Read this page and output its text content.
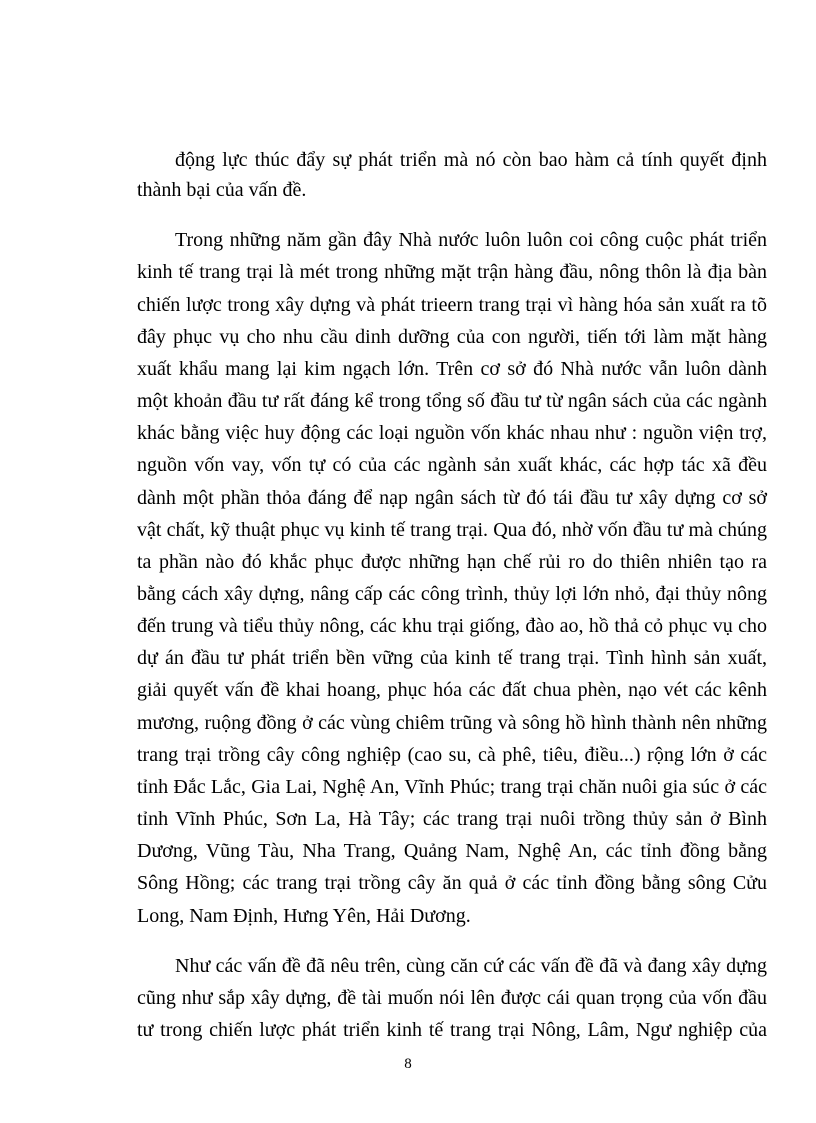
động lực thúc đẩy sự phát triển mà nó còn bao hàm cả tính quyết định
thành bại của vấn đề.
Trong những năm gần đây Nhà nước luôn luôn coi công cuộc phát triển
kinh tế trang trại là mét trong những mặt trận hàng đầu, nông thôn là địa bàn
chiến lược trong xây dựng và phát trieern trang trại vì hàng hóa sản xuất ra tõ
đây phục vụ cho nhu cầu dinh dưỡng của con người, tiến tới làm mặt hàng
xuất khẩu mang lại kim ngạch lớn. Trên cơ sở đó Nhà nước vẫn luôn dành
một khoản đầu tư rất đáng kể trong tổng số đầu tư từ ngân sách của các ngành
khác bằng việc huy động các loại nguồn vốn khác nhau như : nguồn viện trợ,
nguồn vốn vay, vốn tự có của các ngành sản xuất khác, các hợp tác xã đều
dành một phần thỏa đáng để nạp ngân sách từ đó tái đầu tư xây dựng cơ sở
vật chất, kỹ thuật phục vụ kinh tế trang trại. Qua đó, nhờ vốn đầu tư mà chúng
ta phần nào đó khắc phục được những hạn chế rủi ro do thiên nhiên tạo ra
bằng cách xây dựng, nâng cấp các công trình, thủy lợi lớn nhỏ, đại thủy nông
đến trung và tiểu thủy nông, các khu trại giống, đào ao, hồ thả cỏ phục vụ cho
dự án đầu tư phát triển bền vững của kinh tế trang trại. Tình hình sản xuất,
giải quyết vấn đề khai hoang, phục hóa các đất chua phèn, nạo vét các kênh
mương, ruộng đồng ở các vùng chiêm trũng và sông hồ hình thành nên những
trang trại trồng cây công nghiệp (cao su, cà phê, tiêu, điều...) rộng lớn ở các
tỉnh Đắc Lắc, Gia Lai, Nghệ An, Vĩnh Phúc; trang trại chăn nuôi gia súc ở các
tỉnh Vĩnh Phúc, Sơn La, Hà Tây; các trang trại nuôi trồng thủy sản ở Bình
Dương, Vũng Tàu, Nha Trang, Quảng Nam, Nghệ An, các tỉnh đồng bằng
Sông Hồng; các trang trại trồng cây ăn quả ở các tỉnh đồng bằng sông Cửu
Long, Nam Định, Hưng Yên, Hải Dương.
Như các vấn đề đã nêu trên, cùng căn cứ các vấn đề đã và đang xây dựng
cũng như sắp xây dựng, đề tài muốn nói lên được cái quan trọng của vốn đầu
tư trong chiến lược phát triển kinh tế trang trại Nông, Lâm, Ngư nghiệp của
8
